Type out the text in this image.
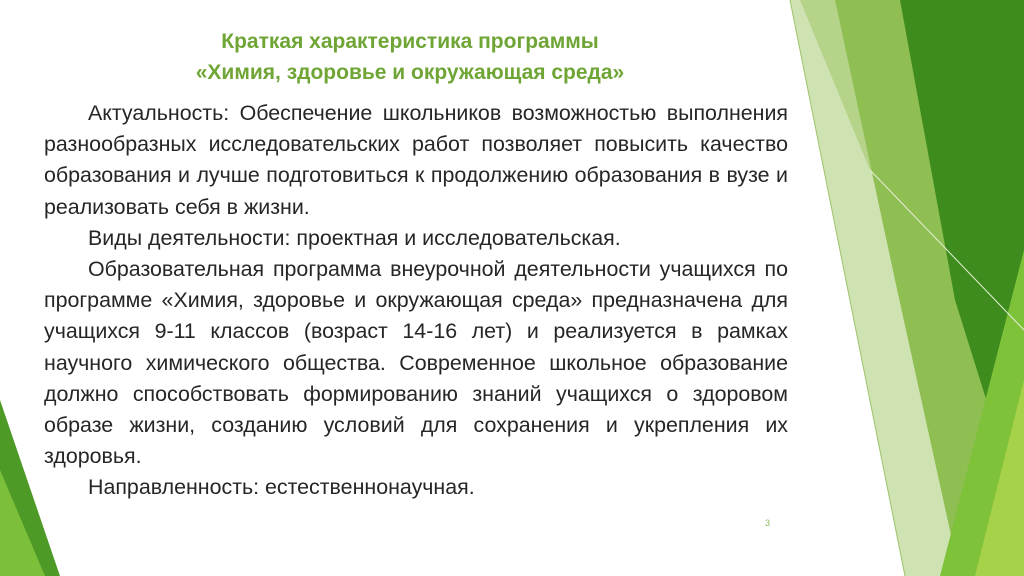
Краткая характеристика программы
«Химия, здоровье и окружающая среда»

Актуальность: Обеспечение школьников возможностью выполнения разнообразных исследовательских работ позволяет повысить качество образования и лучше подготовиться к продолжению образования в вузе и реализовать себя в жизни.

Виды деятельности: проектная и исследовательская.

Образовательная программа внеурочной деятельности учащихся по программе «Химия, здоровье и окружающая среда» предназначена для учащихся 9-11 классов (возраст 14-16 лет) и реализуется в рамках научного химического общества. Современное школьное образование должно способствовать формированию знаний учащихся о здоровом образе жизни, созданию условий для сохранения и укрепления их здоровья.

Направленность: естественнонаучная.

3
